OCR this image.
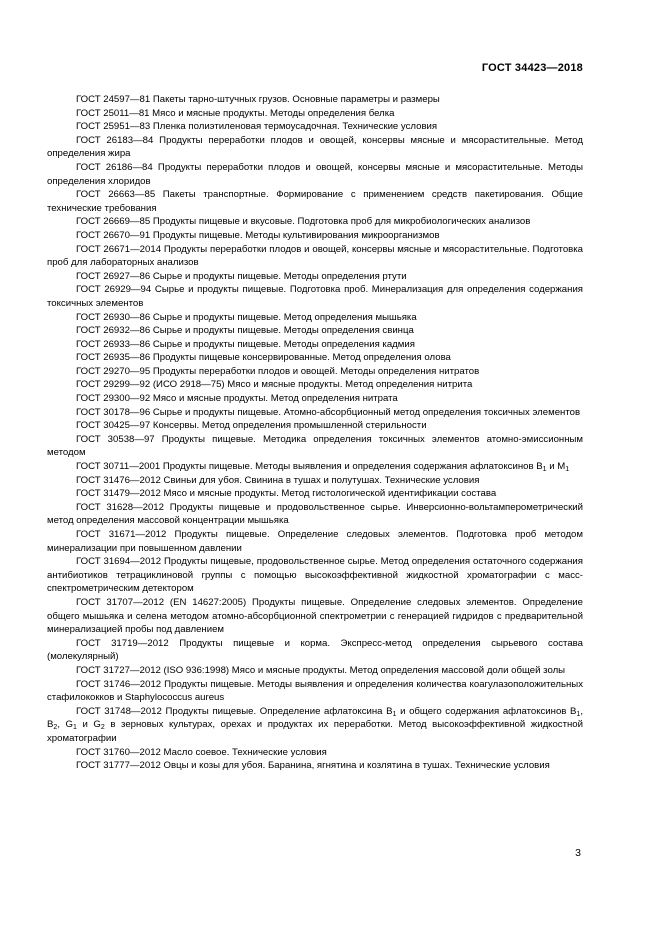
ГОСТ 34423—2018

ГОСТ 24597—81 Пакеты тарно-штучных грузов. Основные параметры и размеры

ГОСТ 25011—81 Мясо и мясные продукты. Методы определения белка

ГОСТ 25951—83 Пленка полиэтиленовая термоусадочная. Технические условия

ГОСТ 26183—84 Продукты переработки плодов и овощей, консервы мясные и мясорастительные. Метод определения жира

ГОСТ 26186—84 Продукты переработки плодов и овощей, консервы мясные и мясорастительные. Методы определения хлоридов

ГОСТ 26663—85 Пакеты транспортные. Формирование с применением средств пакетирования. Общие технические требования

ГОСТ 26669—85 Продукты пищевые и вкусовые. Подготовка проб для микробиологических анализов

ГОСТ 26670—91 Продукты пищевые. Методы культивирования микроорганизмов

ГОСТ 26671—2014 Продукты переработки плодов и овощей, консервы мясные и мясорастительные. Подготовка проб для лабораторных анализов

ГОСТ 26927—86 Сырье и продукты пищевые. Методы определения ртути

ГОСТ 26929—94 Сырье и продукты пищевые. Подготовка проб. Минерализация для определения содержания токсичных элементов

ГОСТ 26930—86 Сырье и продукты пищевые. Метод определения мышьяка

ГОСТ 26932—86 Сырье и продукты пищевые. Методы определения свинца

ГОСТ 26933—86 Сырье и продукты пищевые. Методы определения кадмия

ГОСТ 26935—86 Продукты пищевые консервированные. Метод определения олова

ГОСТ 29270—95 Продукты переработки плодов и овощей. Методы определения нитратов

ГОСТ 29299—92 (ИСО 2918—75) Мясо и мясные продукты. Метод определения нитрита

ГОСТ 29300—92 Мясо и мясные продукты. Метод определения нитрата

ГОСТ 30178—96 Сырье и продукты пищевые. Атомно-абсорбционный метод определения токсичных элементов

ГОСТ 30425—97 Консервы. Метод определения промышленной стерильности

ГОСТ 30538—97 Продукты пищевые. Методика определения токсичных элементов атомно-эмиссионным методом

ГОСТ 30711—2001 Продукты пищевые. Методы выявления и определения содержания афлатоксинов $B_1$ и $M_1$

ГОСТ 31476—2012 Свиньи для убоя. Свинина в тушах и полутушах. Технические условия

ГОСТ 31479—2012 Мясо и мясные продукты. Метод гистологической идентификации состава

ГОСТ 31628—2012 Продукты пищевые и продовольственное сырье. Инверсионно-вольтамперометрический метод определения массовой концентрации мышьяка

ГОСТ 31671—2012 Продукты пищевые. Определение следовых элементов. Подготовка проб методом минерализации при повышенном давлении

ГОСТ 31694—2012 Продукты пищевые, продовольственное сырье. Метод определения остаточного содержания антибиотиков тетрациклиновой группы с помощью высокоэффективной жидкостной хроматографии с масс-спектрометрическим детектором

ГОСТ 31707—2012 (EN 14627:2005) Продукты пищевые. Определение следовых элементов. Определение общего мышьяка и селена методом атомно-абсорбционной спектрометрии с генерацией гидридов с предварительной минерализацией пробы под давлением

ГОСТ 31719—2012 Продукты пищевые и корма. Экспресс-метод определения сырьевого состава (молекулярный)

ГОСТ 31727—2012 (ISO 936:1998) Мясо и мясные продукты. Метод определения массовой доли общей золы

ГОСТ 31746—2012 Продукты пищевые. Методы выявления и определения количества коагулазоположительных стафилококков и Staphylococcus aureus

ГОСТ 31748—2012 Продукты пищевые. Определение афлатоксина $B_1$ и общего содержания афлатоксинов $B_1$, $B_2$, $G_1$ и $G_2$ в зерновых культурах, орехах и продуктах их переработки. Метод высокоэффективной жидкостной хроматографии

ГОСТ 31760—2012 Масло соевое. Технические условия

ГОСТ 31777—2012 Овцы и козы для убоя. Баранина, ягнятина и козлятина в тушах. Технические условия

3
